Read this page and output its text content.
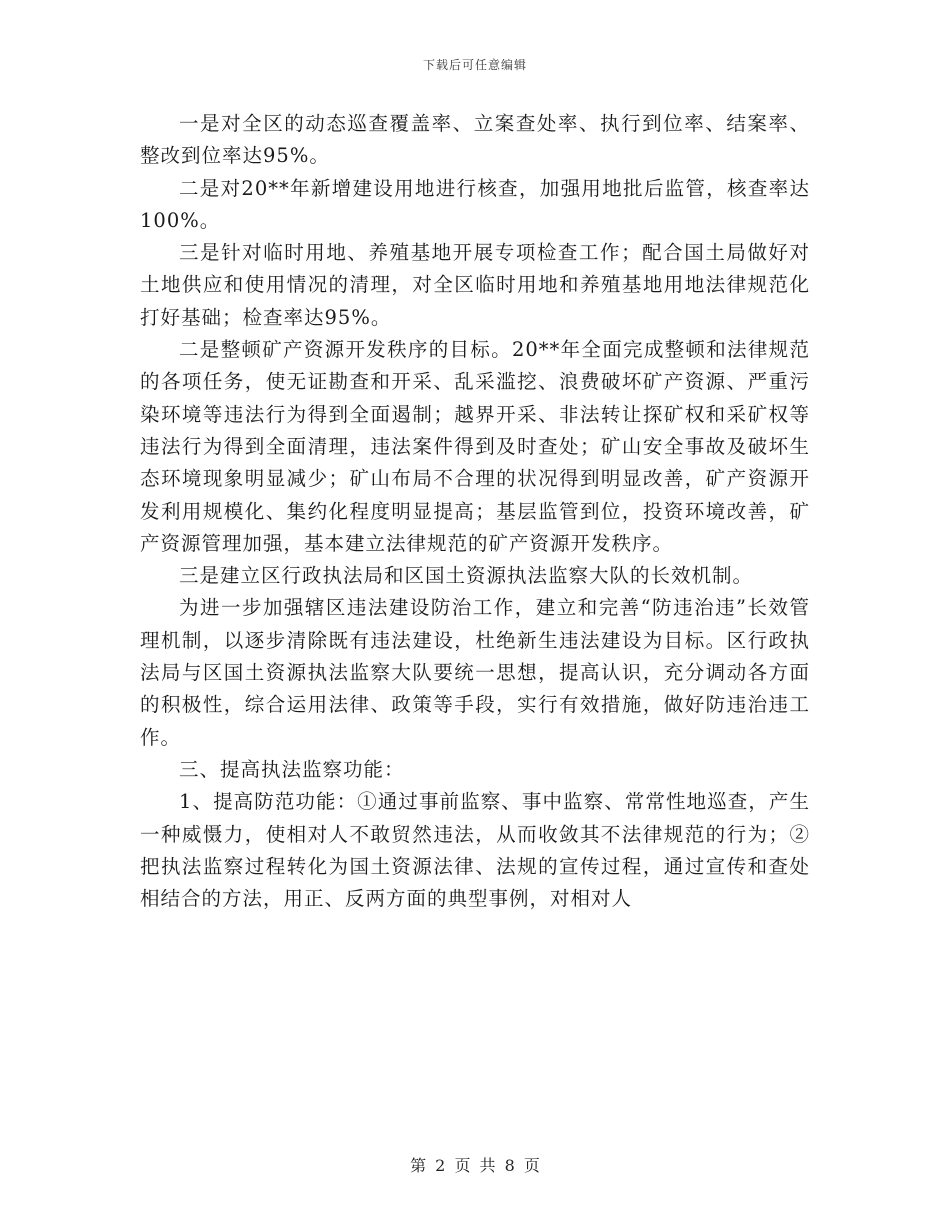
下载后可任意编辑

一是对全区的动态巡查覆盖率、立案查处率、执行到位率、结案率、整改到位率达95%。

二是对20**年新增建设用地进行核查，加强用地批后监管，核查率达100%。

三是针对临时用地、养殖基地开展专项检查工作；配合国土局做好对土地供应和使用情况的清理，对全区临时用地和养殖基地用地法律规范化打好基础；检查率达95%。

二是整顿矿产资源开发秩序的目标。20**年全面完成整顿和法律规范的各项任务，使无证勘查和开采、乱采滥挖、浪费破坏矿产资源、严重污染环境等违法行为得到全面遏制；越界开采、非法转让探矿权和采矿权等违法行为得到全面清理，违法案件得到及时查处；矿山安全事故及破坏生态环境现象明显减少；矿山布局不合理的状况得到明显改善，矿产资源开发利用规模化、集约化程度明显提高；基层监管到位，投资环境改善，矿产资源管理加强，基本建立法律规范的矿产资源开发秩序。

三是建立区行政执法局和区国土资源执法监察大队的长效机制。

为进一步加强辖区违法建设防治工作，建立和完善“防违治违”长效管理机制，以逐步清除既有违法建设，杜绝新生违法建设为目标。区行政执法局与区国土资源执法监察大队要统一思想，提高认识，充分调动各方面的积极性，综合运用法律、政策等手段，实行有效措施，做好防违治违工作。

三、提高执法监察功能：

1、提高防范功能：①通过事前监察、事中监察、常常性地巡查，产生一种威慑力，使相对人不敢贸然违法，从而收敛其不法律规范的行为；②把执法监察过程转化为国土资源法律、法规的宣传过程，通过宣传和查处相结合的方法，用正、反两方面的典型事例，对相对人

第 2 页 共 8 页
